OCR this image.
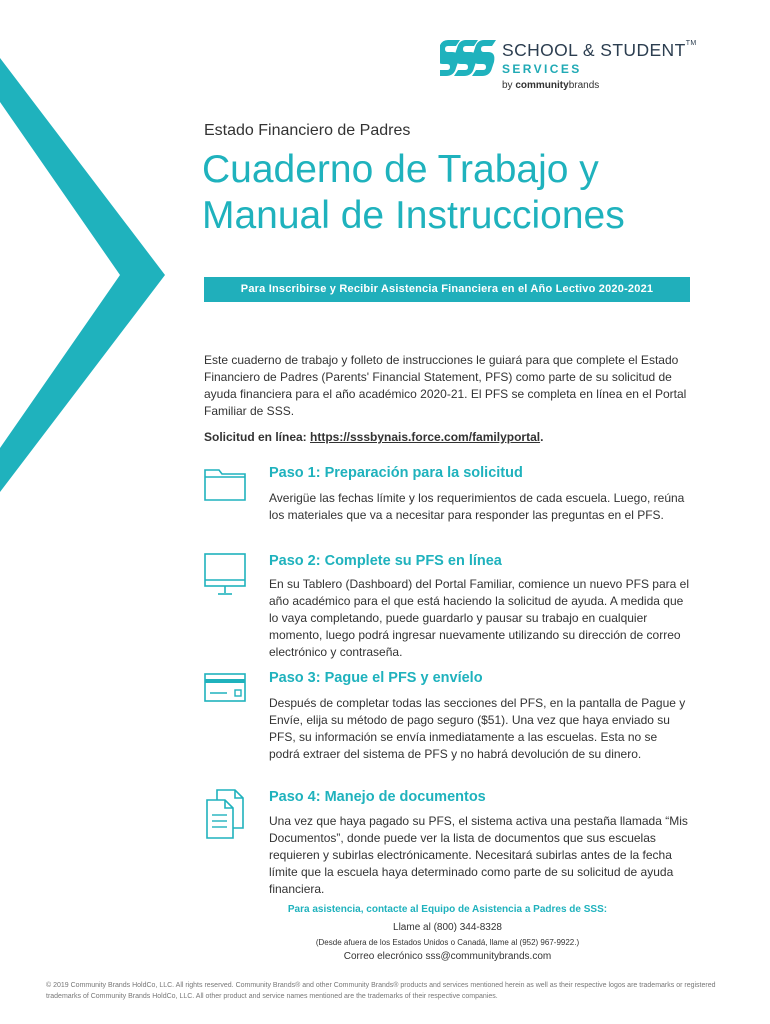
SCHOOL & STUDENT™
SERVICES
by communitybrands
Estado Financiero de Padres
Cuaderno de Trabajo y
Manual de Instrucciones
Para Inscribirse y Recibir Asistencia Financiera en el Año Lectivo 2020-2021

Este cuaderno de trabajo y folleto de instrucciones le guiará para que complete el Estado Financiero de Padres (Parents' Financial Statement, PFS) como parte de su solicitud de ayuda financiera para el año académico 2020-21. El PFS se completa en línea en el Portal Familiar de SSS.

Solicitud en línea: https://sssbynais.force.com/familyportal.
Paso 1: Preparación para la solicitud

Averigüe las fechas límite y los requerimientos de cada escuela. Luego, reúna los materiales que va a necesitar para responder las preguntas en el PFS.

Paso 2: Complete su PFS en línea

En su Tablero (Dashboard) del Portal Familiar, comience un nuevo PFS para el año académico para el que está haciendo la solicitud de ayuda. A medida que lo vaya completando, puede guardarlo y pausar su trabajo en cualquier momento, luego podrá ingresar nuevamente utilizando su dirección de correo electrónico y contraseña.

Paso 3: Pague el PFS y envíelo

Después de completar todas las secciones del PFS, en la pantalla de Pague y Envíe, elija su método de pago seguro ($51). Una vez que haya enviado su PFS, su información se envía inmediatamente a las escuelas. Esta no se podrá extraer del sistema de PFS y no habrá devolución de su dinero.

Paso 4: Manejo de documentos

Una vez que haya pagado su PFS, el sistema activa una pestaña llamada “Mis Documentos”, donde puede ver la lista de documentos que sus escuelas requieren y subirlas electrónicamente. Necesitará subirlas antes de la fecha límite que la escuela haya determinado como parte de su solicitud de ayuda financiera.

Para asistencia, contacte al Equipo de Asistencia a Padres de SSS:
Llame al (800) 344-8328
(Desde afuera de los Estados Unidos o Canadá, llame al (952) 967-9922.)
Correo elecrónico sss@communitybrands.com

© 2019 Community Brands HoldCo, LLC. All rights reserved. Community Brands® and other Community Brands® products and services mentioned herein as well as their respective logos are trademarks or registered trademarks of Community Brands HoldCo, LLC. All other product and service names mentioned are the trademarks of their respective companies.
